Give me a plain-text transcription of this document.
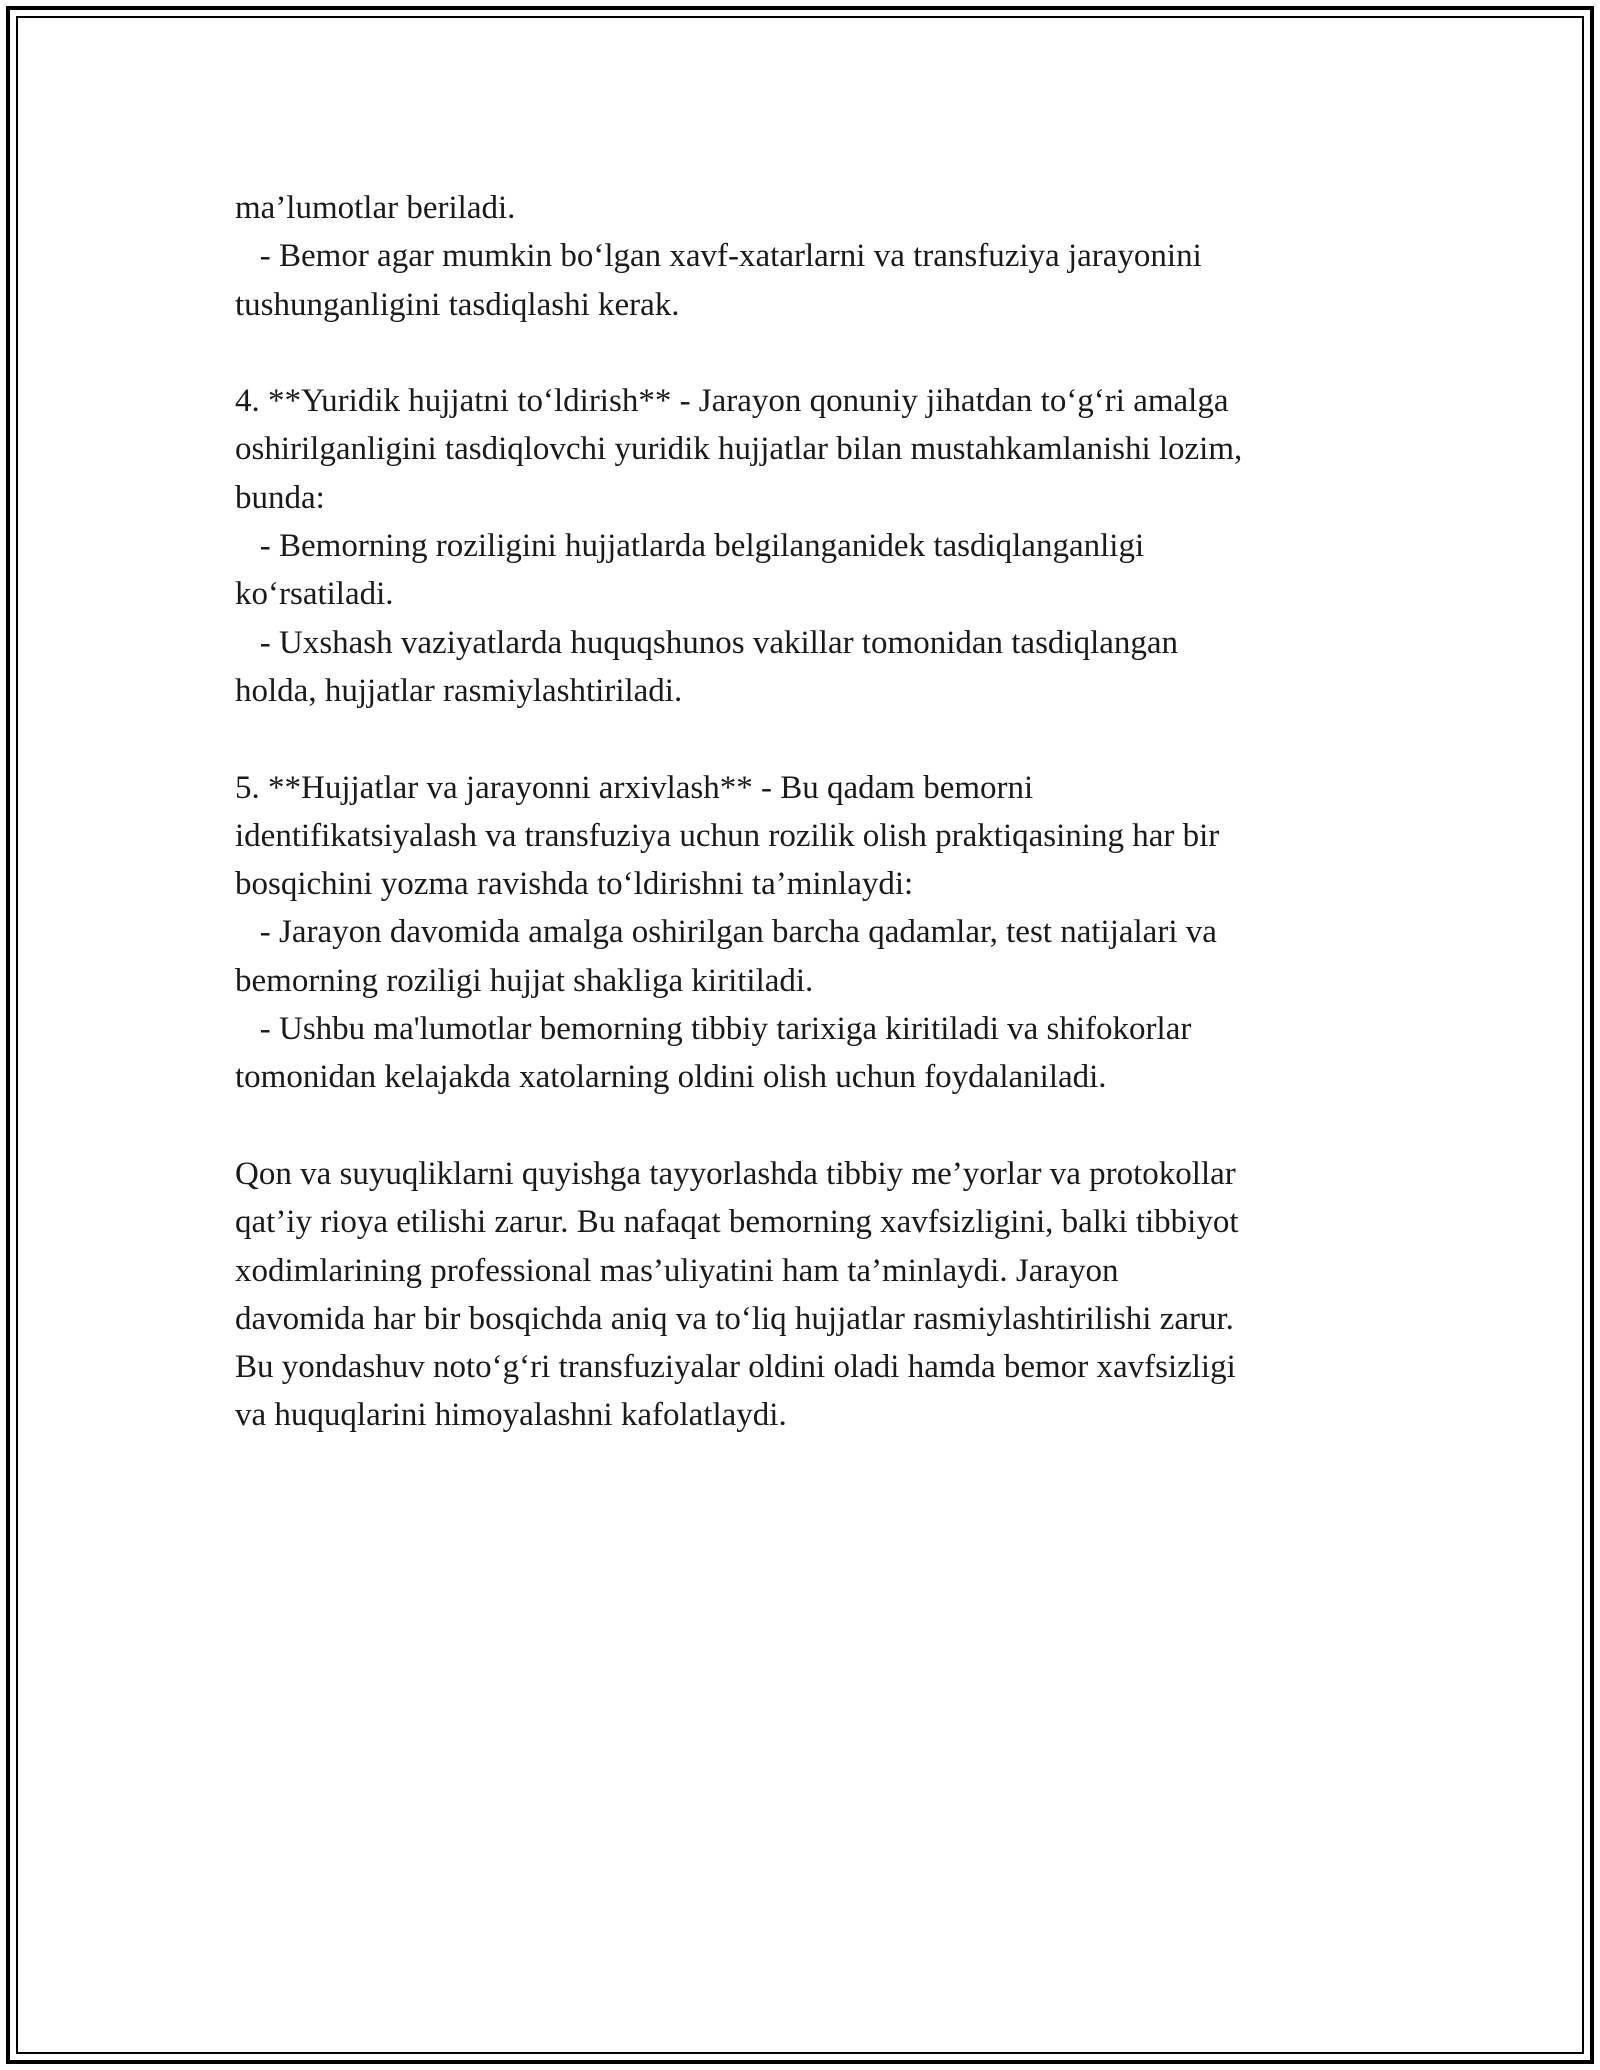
ma’lumotlar beriladi.
- Bemor agar mumkin bo‘lgan xavf-xatarlarni va transfuziya jarayonini
tushunganligini tasdiqlashi kerak.
4. **Yuridik hujjatni to‘ldirish** - Jarayon qonuniy jihatdan to‘g‘ri amalga
oshirilganligini tasdiqlovchi yuridik hujjatlar bilan mustahkamlanishi lozim,
bunda:
- Bemorning roziligini hujjatlarda belgilanganidek tasdiqlanganligi
ko‘rsatiladi.
- Uxshash vaziyatlarda huquqshunos vakillar tomonidan tasdiqlangan
holda, hujjatlar rasmiylashtiriladi.
5. **Hujjatlar va jarayonni arxivlash** - Bu qadam bemorni
identifikatsiyalash va transfuziya uchun rozilik olish praktiqasining har bir
bosqichini yozma ravishda to‘ldirishni ta’minlaydi:
- Jarayon davomida amalga oshirilgan barcha qadamlar, test natijalari va
bemorning roziligi hujjat shakliga kiritiladi.
- Ushbu ma'lumotlar bemorning tibbiy tarixiga kiritiladi va shifokorlar
tomonidan kelajakda xatolarning oldini olish uchun foydalaniladi.
Qon va suyuqliklarni quyishga tayyorlashda tibbiy me’yorlar va protokollar
qat’iy rioya etilishi zarur. Bu nafaqat bemorning xavfsizligini, balki tibbiyot
xodimlarining professional mas’uliyatini ham ta’minlaydi. Jarayon
davomida har bir bosqichda aniq va to‘liq hujjatlar rasmiylashtirilishi zarur.
Bu yondashuv noto‘g‘ri transfuziyalar oldini oladi hamda bemor xavfsizligi
va huquqlarini himoyalashni kafolatlaydi.
